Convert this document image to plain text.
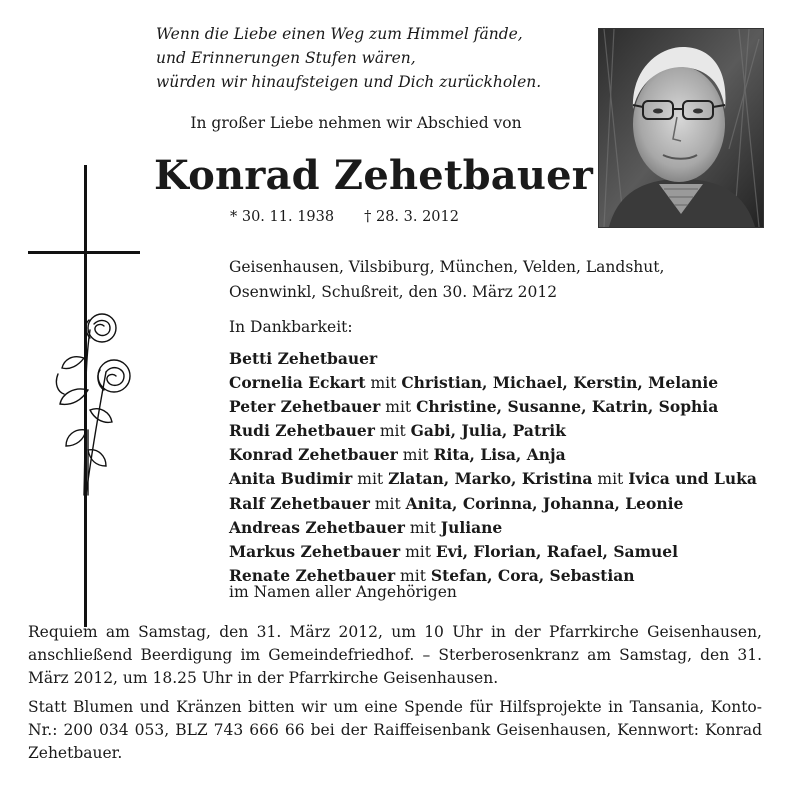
Wenn die Liebe einen Weg zum Himmel fände,
und Erinnerungen Stufen wären,
würden wir hinaufsteigen und Dich zurückholen.
In großer Liebe nehmen wir Abschied von
Konrad Zehetbauer
* 30. 11. 1938 † 28. 3. 2012
Geisenhausen, Vilsbiburg, München, Velden, Landshut,
Osenwinkl, Schußreit, den 30. März 2012
In Dankbarkeit:
Betti Zehetbauer
Cornelia Eckart mit Christian, Michael, Kerstin, Melanie
Peter Zehetbauer mit Christine, Susanne, Katrin, Sophia
Rudi Zehetbauer mit Gabi, Julia, Patrik
Konrad Zehetbauer mit Rita, Lisa, Anja
Anita Budimir mit Zlatan, Marko, Kristina mit Ivica und Luka
Ralf Zehetbauer mit Anita, Corinna, Johanna, Leonie
Andreas Zehetbauer mit Juliane
Markus Zehetbauer mit Evi, Florian, Rafael, Samuel
Renate Zehetbauer mit Stefan, Cora, Sebastian
im Namen aller Angehörigen

Requiem am Samstag, den 31. März 2012, um 10 Uhr in der Pfarrkirche Geisenhausen, anschließend Beerdigung im Gemeindefriedhof. – Sterberosenkranz am Samstag, den 31. März 2012, um 18.25 Uhr in der Pfarrkirche Geisenhausen.

Statt Blumen und Kränzen bitten wir um eine Spende für Hilfsprojekte in Tansania, Konto-Nr.: 200 034 053, BLZ 743 666 66 bei der Raiffeisenbank Geisenhausen, Kennwort: Konrad Zehetbauer.
